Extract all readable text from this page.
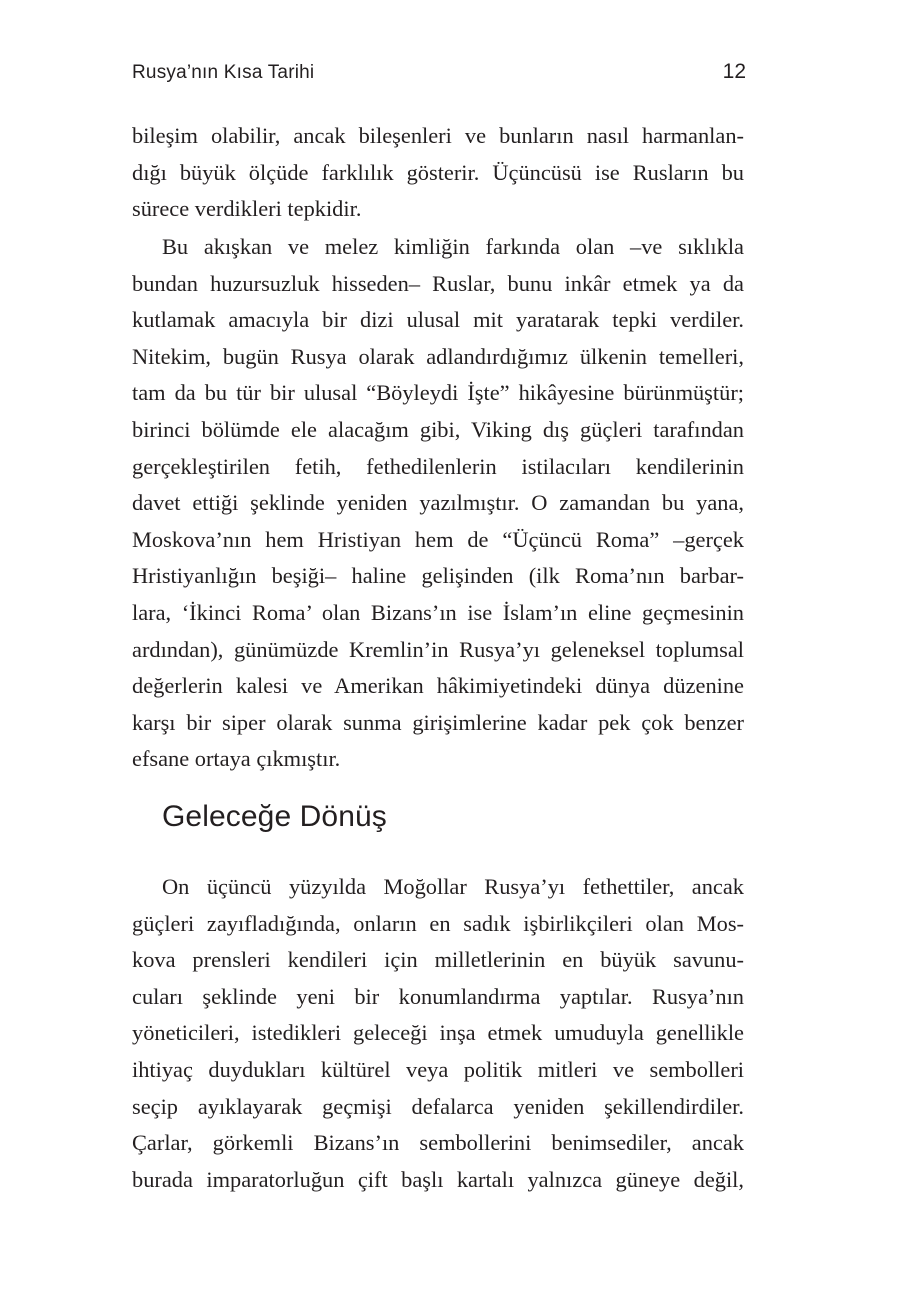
Rusya’nın Kısa Tarihi	12
bileşim olabilir, ancak bileşenleri ve bunların nasıl harmanlan-
dığı büyük ölçüde farklılık gösterir. Üçüncüsü ise Rusların bu
sürece verdikleri tepkidir.
Bu akışkan ve melez kimliğin farkında olan –ve sıklıkla
bundan huzursuzluk hisseden– Ruslar, bunu inkâr etmek ya da
kutlamak amacıyla bir dizi ulusal mit yaratarak tepki verdiler.
Nitekim, bugün Rusya olarak adlandırdığımız ülkenin temelleri,
tam da bu tür bir ulusal “Böyleydi İşte” hikâyesine bürünmüştür;
birinci bölümde ele alacağım gibi, Viking dış güçleri tarafından
gerçekleştirilen fetih, fethedilenlerin istilacıları kendilerinin
davet ettiği şeklinde yeniden yazılmıştır. O zamandan bu yana,
Moskova’nın hem Hristiyan hem de “Üçüncü Roma” –gerçek
Hristiyanlığın beşiği– haline gelişinden (ilk Roma’nın barbar-
lara, ‘İkinci Roma’ olan Bizans’ın ise İslam’ın eline geçmesinin
ardından), günümüzde Kremlin’in Rusya’yı geleneksel toplumsal
değerlerin kalesi ve Amerikan hâkimiyetindeki dünya düzenine
karşı bir siper olarak sunma girişimlerine kadar pek çok benzer
efsane ortaya çıkmıştır.
Geleceğe Dönüş
On üçüncü yüzyılda Moğollar Rusya’yı fethettiler, ancak
güçleri zayıfladığında, onların en sadık işbirlikçileri olan Mos-
kova prensleri kendileri için milletlerinin en büyük savunu-
cuları şeklinde yeni bir konumlandırma yaptılar. Rusya’nın
yöneticileri, istedikleri geleceği inşa etmek umuduyla genellikle
ihtiyaç duydukları kültürel veya politik mitleri ve sembolleri
seçip ayıklayarak geçmişi defalarca yeniden şekillendirdiler.
Çarlar, görkemli Bizans’ın sembollerini benimsediler, ancak
burada imparatorluğun çift başlı kartalı yalnızca güneye değil,
